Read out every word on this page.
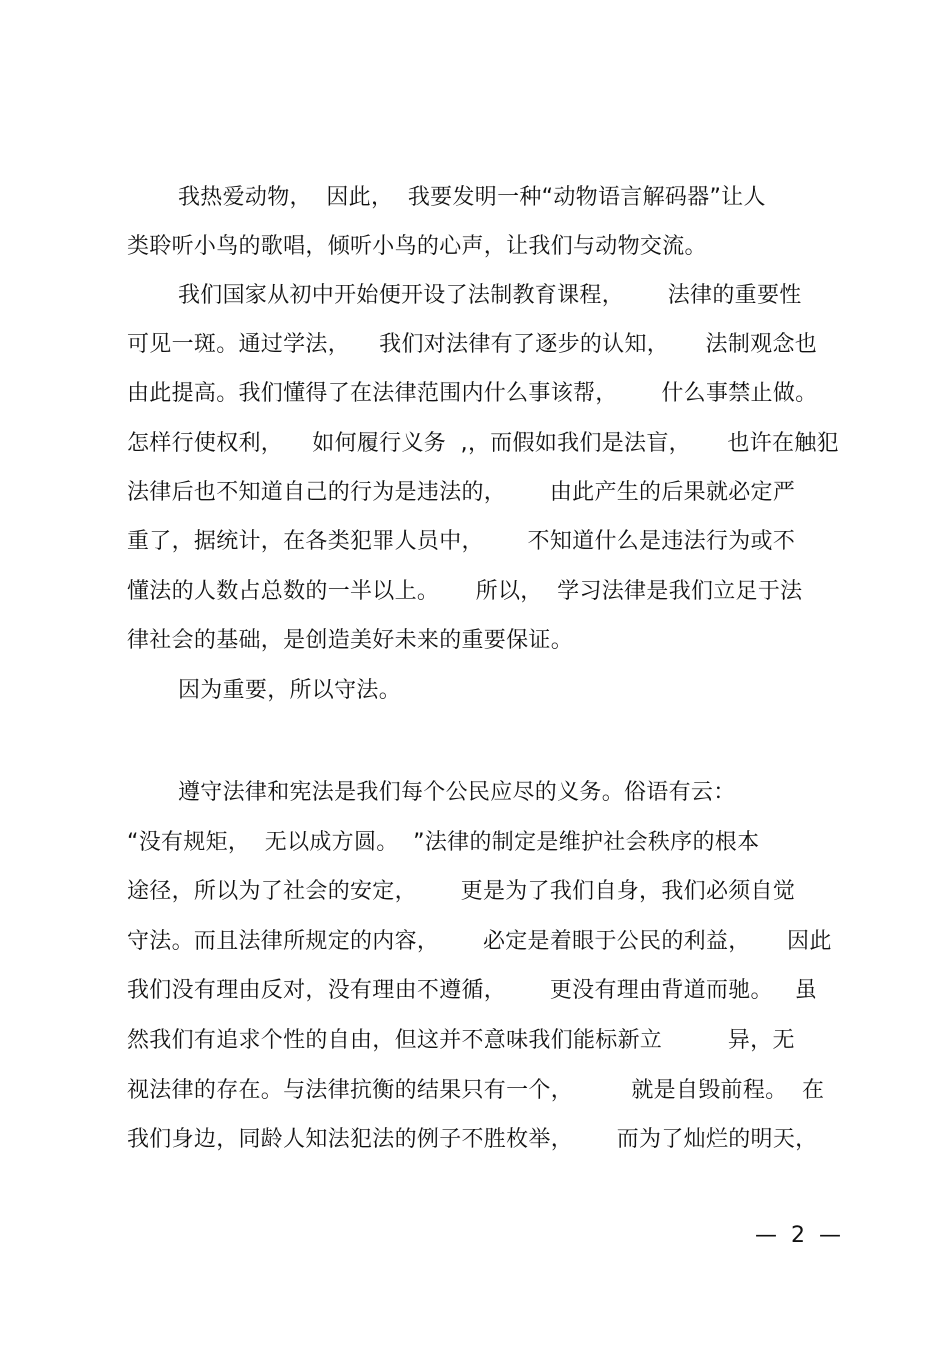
我热爱动物，  因此，  我要发明一种“动物语言解码器”让人
类聆听小鸟的歌唱，倾听小鸟的心声，让我们与动物交流。
我们国家从初中开始便开设了法制教育课程，      法律的重要性
可见一斑。通过学法，    我们对法律有了逐步的认知，     法制观念也
由此提高。我们懂得了在法律范围内什么事该帮，      什么事禁止做。
怎样行使权利，    如何履行义务  ,，而假如我们是法盲，     也许在触犯
法律后也不知道自己的行为是违法的，      由此产生的后果就必定严
重了，据统计，在各类犯罪人员中，      不知道什么是违法行为或不
懂法的人数占总数的一半以上。     所以，  学习法律是我们立足于法
律社会的基础，是创造美好未来的重要保证。
因为重要，所以守法。
遵守法律和宪法是我们每个公民应尽的义务。俗语有云：
“没有规矩，  无以成方圆。  ”法律的制定是维护社会秩序的根本
途径，所以为了社会的安定，      更是为了我们自身，我们必须自觉
守法。而且法律所规定的内容，      必定是着眼于公民的利益，     因此
我们没有理由反对，没有理由不遵循，      更没有理由背道而驰。   虽
然我们有追求个性的自由，但这并不意味我们能标新立         异，无
视法律的存在。与法律抗衡的结果只有一个，        就是自毁前程。  在
我们身边，同龄人知法犯法的例子不胜枚举，      而为了灿烂的明天，
—  2  —
